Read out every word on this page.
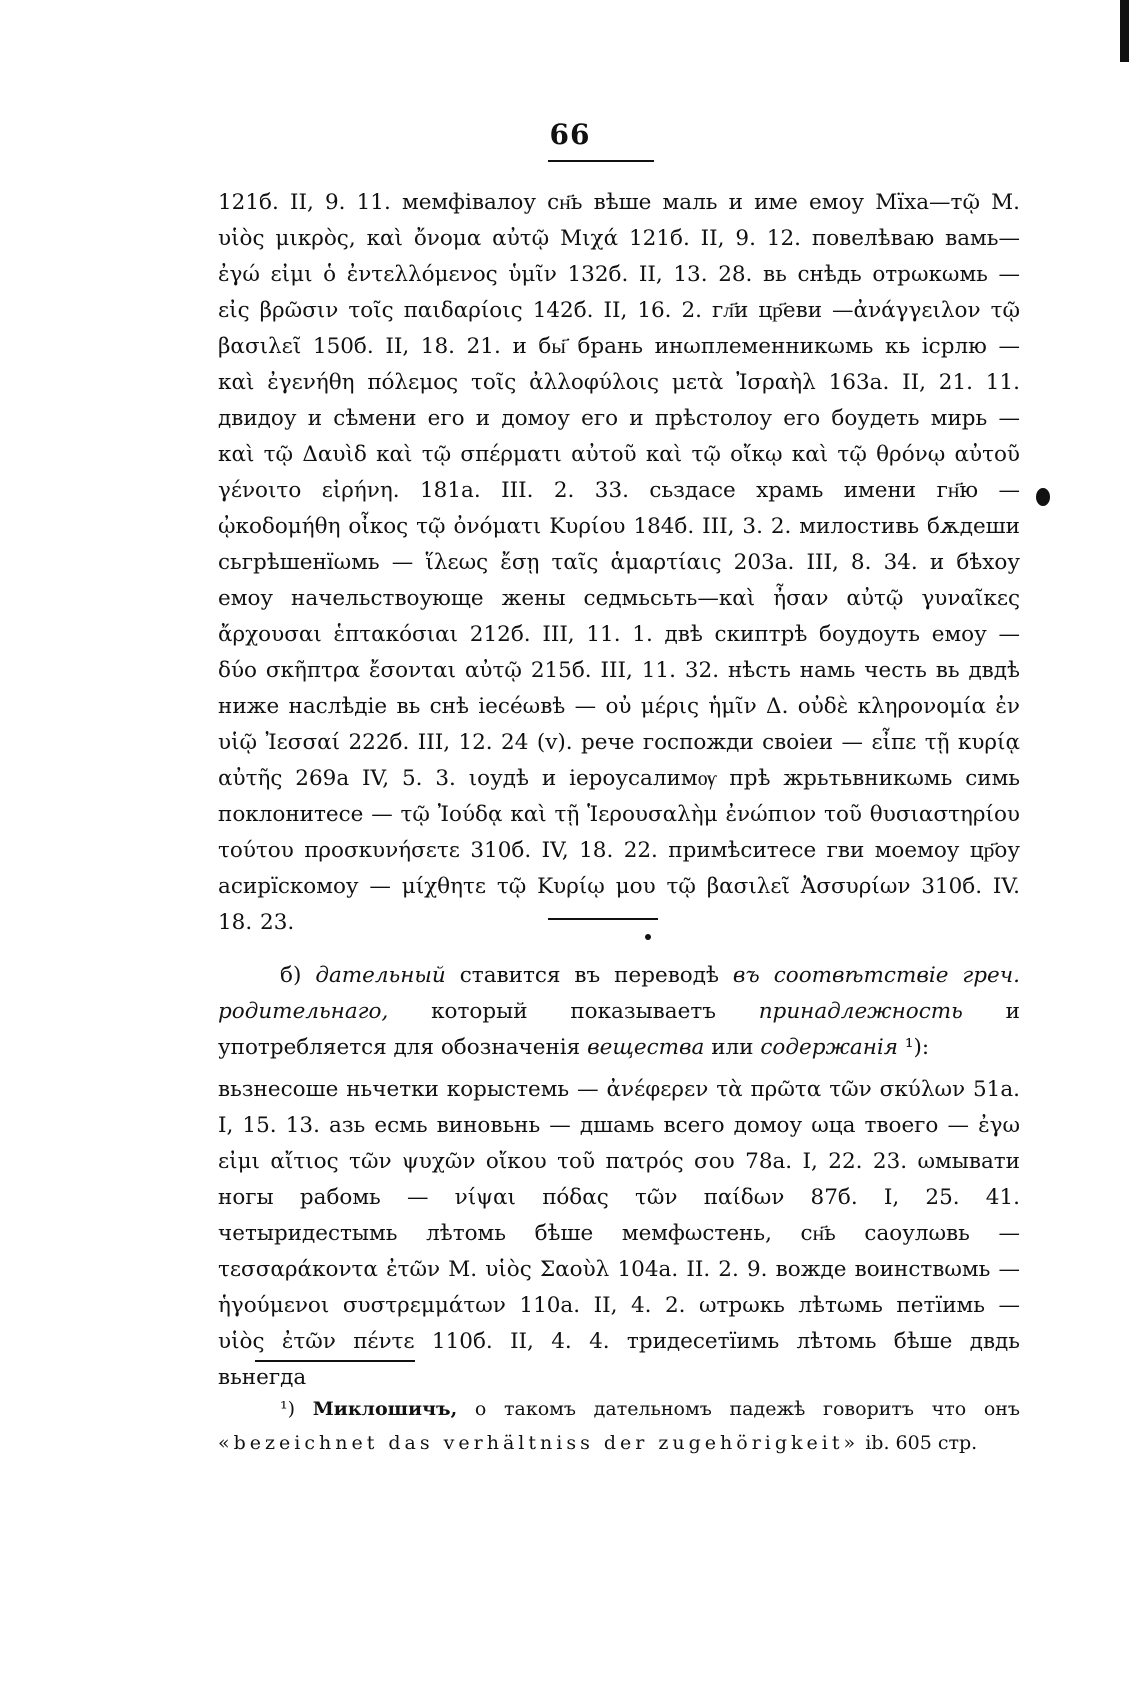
66

121б. II, 9. 11. мемфівалоу сн҃ь вѣше маль и име емоу Мїха—тῷ Μ. υἱὸς μικρὸς, καὶ ὄνομα αὐτῷ Μιχά 121б. II, 9. 12. повелѣваю вамь—ἐγώ εἰμι ὁ ἐντελλόμενος ὑμῖν 132б. II, 13. 28. вь снѣдь отрωкωмь — εἰς βρῶσιν τοῖς παιδαρίοις 142б. II, 16. 2. гл҃и цр҃еви —ἀνάγγειλον τῷ βασιλεῖ 150б. II, 18. 21. и бы҃ брань инωплеменникωмь кь ісрлю — καὶ ἐγενήθη πόλεμος τοῖς ἀλλοφύλοις μετὰ Ἰσραὴλ 163а. II, 21. 11. двидоу и сѣмени его и домоу его и прѣстолоу его боудеть мирь — καὶ τῷ Δαυὶδ καὶ τῷ σπέρματι αὐτοῦ καὶ τῷ οἴκῳ καὶ τῷ θρόνῳ αὐτοῦ γένοιτο εἰρήνη. 181а. III. 2. 33. сьздасе храмь имени гн҃ю — ᾠκοδομήθη οἶκος τῷ ὀνόματι Κυρίου 184б. III, 3. 2. милостивь бѫдеши сьгрѣшенїωмь — ἵλεως ἔσῃ ταῖς ἁμαρτίαις 203а. III, 8. 34. и бѣхоу емоу начельствоующе жены седмьсьть—καὶ ἦσαν αὐτῷ γυναῖκες ἄρχουσαι ἑπτακόσιαι 212б. III, 11. 1. двѣ скиптрѣ боудоуть емоу — δύο σκῆπτρα ἔσονται αὐτῷ 215б. III, 11. 32. нѣсть намь честь вь двдѣ ниже наслѣдіе вь снѣ іесе́ωвѣ — οὐ μέρις ἡμῖν Δ. οὐδὲ κληρονομία ἐν υἱῷ Ἰεσσαί 222б. III, 12. 24 (v). рече госпожди своіеи — εἶπε τῇ κυρίᾳ αὐτῆς 269а IV, 5. 3. ιоудѣ и іероусалимѹ прѣ жрьтьвникωмь симь поклонитесе — τῷ Ἰούδᾳ καὶ τῇ Ἱερουσαλὴμ ἐνώπιον τοῦ θυσιαστηρίου τούτου προσκυνήσετε 310б. IV, 18. 22. примѣситесе гви моемоу цр҃оу асирїскомоу — μίχθητε τῷ Κυρίῳ μου τῷ βασιλεῖ Ἀσσυρίων 310б. IV. 18. 23.

б) дательный ставится въ переводѣ въ соотвѣтствіе греч. родительнаго, который показываетъ принадлежность и употребляется для обозначенія вещества или содержанія ¹):

вьзнесоше ньчетки корыстемь — ἀνέφερεν τὰ πρῶτα τῶν σκύλων 51а. I, 15. 13. азь есмь виновьнь — дшамь всего домоу ωца твоего — ἐγω εἰμι αἴτιος τῶν ψυχῶν οἴκου τοῦ πατρός σου 78а. I, 22. 23. ωмывати ногы рабомь — νίψαι πόδας τῶν παίδων 87б. I, 25. 41. четыридестымь лѣтомь бѣше мемфωстень, сн҃ь саоулωвь — τεσσαράκοντα ἐτῶν Μ. υἱὸς Σαοὺλ 104а. II. 2. 9. вожде воинствωмь — ἡγούμενοι συστρεμμάτων 110а. II, 4. 2. ωтрωкь лѣтωмь петїимь — υἱὸς ἐτῶν πέντε 110б. II, 4. 4. тридесетїимь лѣтомь бѣше двдь вьнегда

¹) Миклошичъ, о такомъ дательномъ падежѣ говоритъ что онъ «bezeichnet das verhältniss der zugehörigkeit» ib. 605 стр.
